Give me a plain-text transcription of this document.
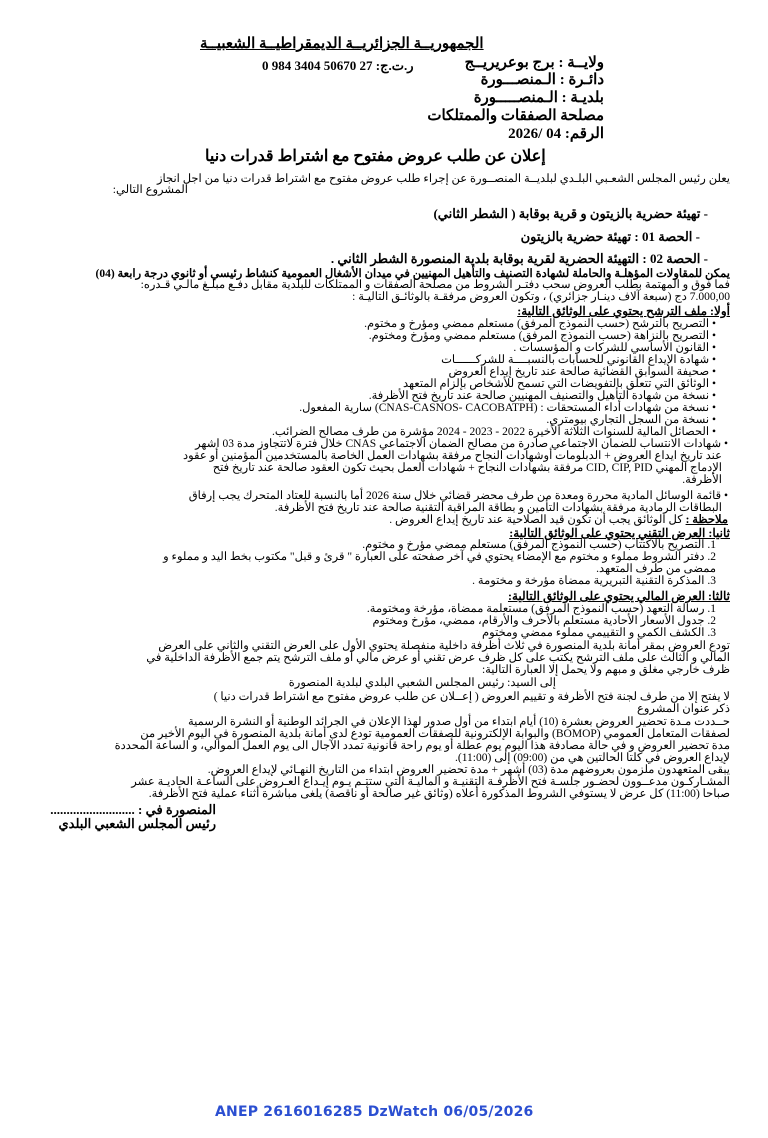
الجمهوريــة الجزائريــة الديمقراطيــة الشعبيــة
ر.ت.ج: 27 50670 3404 984 0	ولايــة : برج بوعريريــج
دائـرة : الـمنصـــورة
بلديـة : الـمنصـــــورة
مصلحة الصفقات والممتلكات
الرقم: 04 /2026
إعلان عن طلب عروض مفتوح مع اشتراط قدرات دنيا
يعلن رئيس المجلس الشعـبي البلـدي لبلديــة المنصــورة عن إجراء طلب عروض مفتوح مع اشتراط قدرات دنيا من اجل انجاز
المشروع التالي:
- تهيئة حضرية بالزيتون و قرية بوقابة ( الشطر الثاني)
- الحصة 01 : تهيئة حضرية بالزيتون
- الحصة 02 : التهيئة الحضرية لقرية بوقابة بلدية المنصورة الشطر الثاني .
يمكن للمقاولات المؤهلـة والحاملة لشهادة التصنيف والتأهيل المهنيين في ميدان الأشغال العمومية كنشاط رئيسي أو ثانوي درجة رابعة (04)
فما فوق و المهتمة بطلب العروض سحب دفتـر الشروط من مصلحة الصفقات و الممتلكات للبلدية مقابل دفـع مبلـغ مالـي قـدره:
7.000,00 دج (سبعة آلاف دينـار جزائري) ، وتكون العروض مرفقـة بالوثائـق التاليـة :
أولا: ملف الترشح يحتوي على الوثائق التالية:
• التصريح بالترشح (حسب النموذج المرفق) مستعلم ممضي ومؤرخ و مختوم.
• التصريح بالنزاهة (حسب النموذج المرفق) مستعلم ممضي ومؤرخ ومختوم.
• القانون الأساسي للشركات و المؤسسات .
• شهادة الإيداع القانوني للحسابات بالنسبــــة للشركــــــات
• صحيفة السوابق القضائية صالحة عند تاريخ إيداع العروض
• الوثائق التي تتعلق بالتفويضات التي تسمح للأشخاص بإلزام المتعهد
• نسخة من شهادة التأهيل والتصنيف المهنيين صالحة عند تاريخ فتح الأظرفة.
• نسخة من شهادات أداء المستحقات : (CNAS-CASNOS- CACOBATPH) سارية المفعول.
• نسخة من السجل التجاري بيومتري.
• الحصائل المالية للسنوات الثلاثة الأخيرة 2022 - 2023 - 2024 مؤشرة من طرف مصالح الضرائب.
• شهادات الانتساب للضمان الاجتماعي صادرة من مصالح الضمان الاجتماعي CNAS خلال فترة لاتتجاوز مدة 03 اشهر
عند تاريخ ايداع العروض + الدبلومات أوشهادات النجاح مرفقة بشهادات العمل الخاصة بالمستخدمين المؤمنين أو عقود
الإدماج المهني CID, CIP, PID مرفقة بشهادات النجاح + شهادات العمل بحيث تكون العقود صالحة عند تاريخ فتح
الأظرفة.
• قائمة الوسائل المادية محررة ومعدة من طرف محضر قضائي خلال سنة 2026 أما بالنسبة للعتاد المتحرك يجب إرفاق
البطاقات الرمادية مرفقة بشهادات التأمين و بطاقة المراقبة التقنية صالحة عند تاريخ فتح الأظرفة.
ملاحظة : كل الوثائق يجب أن تكون قيد الصلاحية عند تاريخ إيداع العروض .
ثانيا: العرض التقني يحتوي على الوثائق التالية:
1. التصريح بالاكتتاب (حسب النموذج المرفق) مستعلم ممضي مؤرخ و مختوم.
2. دفتر الشروط مملوء و مختوم مع الإمضاء يحتوي في آخر صفحته على العبارة " قرئ و قبل" مكتوب بخط اليد و مملوء و
ممضى من طرف المتعهد.
3. المذكرة التقنية التبريرية ممضاة مؤرخة و مختومة .
ثالثا: العرض المالي يحتوي على الوثائق التالية:
1. رسالة التعهد (حسب النموذج المرفق) مستعلمة ممضاة، مؤرخة ومختومة.
2. جدول الأسعار الأحادية مستعلم بالأحرف والأرقام، ممضي، مؤرخ ومختوم
3. الكشف الكمي و التقييمي مملوء ممضي ومختوم
تودع العروض بمقر أمانة بلدية المنصورة في ثلاث أظرفة داخلية منفصلة يحتوي الأول على العرض التقني والثاني على العرض
المالي و الثالث على ملف الترشح يكتب على كل ظرف عرض تقني أو عرض مالي أو ملف الترشح يتم جمع الأظرفة الداخلية في
ظرف خارجي مغلق و مبهم ولا يحمل إلا العبارة التالية:
إلى السيد: رئيس المجلس الشعبي البلدي لبلدية المنصورة
لا يفتح إلا من طرف لجنة فتح الأظرفة و تقييم العروض ( إعــلان عن طلب عروض مفتوح مع اشتراط قدرات دنيا )
ذكر عنوان المشروع
حــددت مـدة تحضير العروض بعشرة (10) أيام ابتداء من أول صدور لهذا الإعلان في الجرائد الوطنية أو النشرة الرسمية
لصفقات المتعامل العمومي (BOMOP) والبوابة الإلكترونية للصفقات العمومية تودع لدى أمانة بلدية المنصورة في اليوم الأخير من
مدة تحضير العروض و في حالة مصادفة هذا اليوم يوم عطلة أو يوم راحة قانونية تمدد الآجال الى يوم العمل الموالي، و الساعة المحددة
لإيداع العروض في كلتا الحالتين هي من (09:00) إلى (11:00).
يبقى المتعهدون ملزمون بعروضهم مدة (03) أشهر + مدة تحضير العروض ابتداء من التاريخ النهـائي لإيداع العروض.
المشـاركـون مدعــوون لحضـور جلسـة فتح الأظرفـة التقنيـة و الماليـة التي ستتـم يـوم إيـداع العـروض على الساعـة الحاديـة عشر
صباحا (11:00) كل عرض لا يستوفي الشروط المذكورة أعلاه (وثائق غير صالحة أو ناقصة) يلغى مباشرة أثناء عملية فتح الأظرفة.
المنصورة في : ..........................
رئيس المجلس الشعبي البلدي
ANEP 2616016285 DzWatch 06/05/2026
